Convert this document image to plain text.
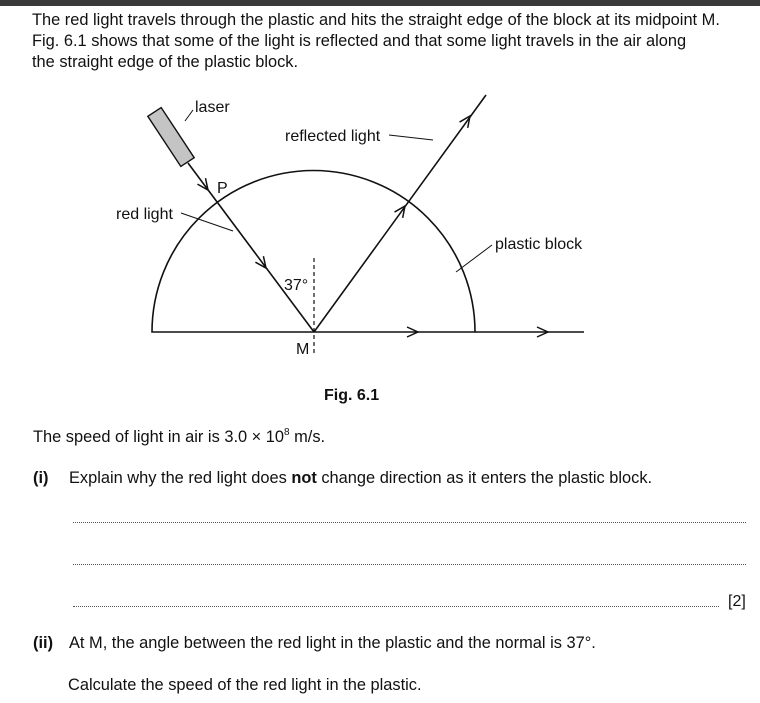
The red light travels through the plastic and hits the straight edge of the block at its midpoint M.

Fig. 6.1 shows that some of the light is reflected and that some light travels in the air along

the straight edge of the plastic block.

laser
reflected light
P
red light
plastic block
37°
M
Fig. 6.1
The speed of light in air is $3.0 \times 10^8$ m/s.
(i) Explain why the red light does not change direction as it enters the plastic block.
[2]
(ii) At M, the angle between the red light in the plastic and the normal is 37°.
Calculate the speed of the red light in the plastic.
